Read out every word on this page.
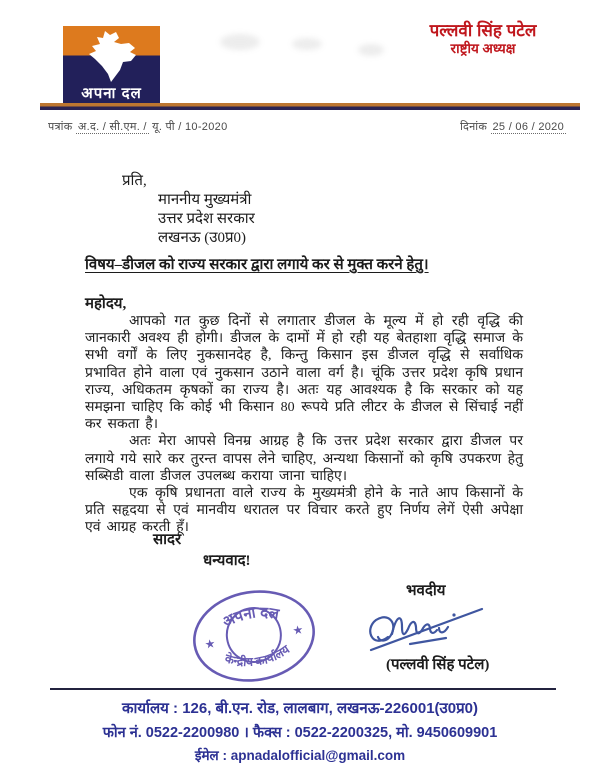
अपना दल
पल्लवी सिंह पटेल
राष्ट्रीय अध्यक्ष
पत्रांक अ.द. / सी.एम. / यू. पी / 10-2020	दिनांक 25 / 06 / 2020
प्रति,
माननीय मुख्यमंत्री
उत्तर प्रदेश सरकार
लखनऊ (उ0प्र0)
विषय–डीजल को राज्य सरकार द्वारा लगाये कर से मुक्त करने हेतु।
महोदय,

आपको गत कुछ दिनों से लगातार डीजल के मूल्य में हो रही वृद्धि की जानकारी अवश्य ही होगी। डीजल के दामों में हो रही यह बेतहाशा वृद्धि समाज के सभी वर्गों के लिए नुकसानदेह है, किन्तु किसान इस डीजल वृद्धि से सर्वाधिक प्रभावित होने वाला एवं नुकसान उठाने वाला वर्ग है। चूंकि उत्तर प्रदेश कृषि प्रधान राज्य, अधिकतम कृषकों का राज्य है। अतः यह आवश्यक है कि सरकार को यह समझना चाहिए कि कोई भी किसान 80 रूपये प्रति लीटर के डीजल से सिंचाई नहीं कर सकता है।

अतः मेरा आपसे विनम्र आग्रह है कि उत्तर प्रदेश सरकार द्वारा डीजल पर लगाये गये सारे कर तुरन्त वापस लेने चाहिए, अन्यथा किसानों को कृषि उपकरण हेतु सब्सिडी वाला डीजल उपलब्ध कराया जाना चाहिए।

एक कृषि प्रधानता वाले राज्य के मुख्यमंत्री होने के नाते आप किसानों के प्रति सहृदया से एवं मानवीय धरातल पर विचार करते हुए निर्णय लेगें ऐसी अपेक्षा एवं आग्रह करती हूँ।

सादर
धन्यवाद!
अपना दल
केन्द्रीय कार्यालय
★
★
भवदीय
(पल्लवी सिंह पटेल)
कार्यालय : 126, बी.एन. रोड, लालबाग, लखनऊ-226001(उ0प्र0)
फोन नं. 0522-2200980 । फैक्स : 0522-2200325, मो. 9450609901
ईमेल : apnadalofficial@gmail.com
